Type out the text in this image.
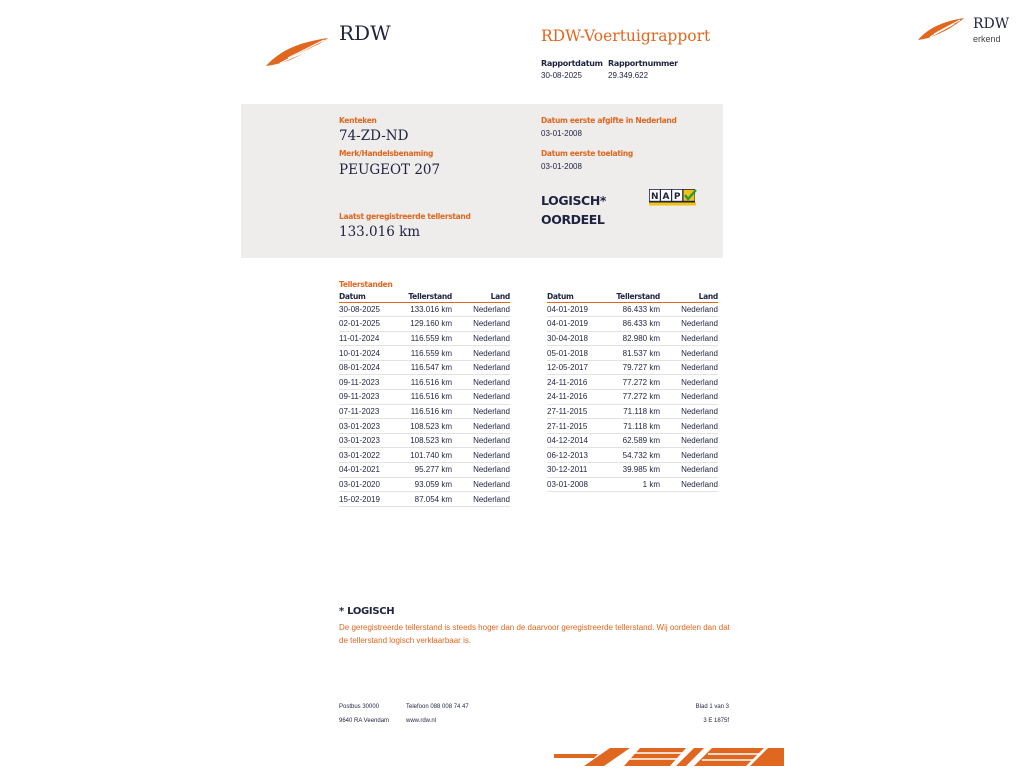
RDW	RDW
erkend
RDW-Voertuigrapport
Rapportdatum
30-08-2025
Rapportnummer
29.349.622
Kenteken
74-ZD-ND
Merk/Handelsbenaming
PEUGEOT 207
Laatst geregistreerde tellerstand
133.016 km
Datum eerste afgifte in Nederland
03-01-2008
Datum eerste toelating
03-01-2008
LOGISCH*
OORDEEL
N A P
Tellerstanden
Datum	Tellerstand	Land
30-08-2025	133.016 km	Nederland
02-01-2025	129.160 km	Nederland
11-01-2024	116.559 km	Nederland
10-01-2024	116.559 km	Nederland
08-01-2024	116.547 km	Nederland
09-11-2023	116.516 km	Nederland
09-11-2023	116.516 km	Nederland
07-11-2023	116.516 km	Nederland
03-01-2023	108.523 km	Nederland
03-01-2023	108.523 km	Nederland
03-01-2022	101.740 km	Nederland
04-01-2021	95.277 km	Nederland
03-01-2020	93.059 km	Nederland
15-02-2019	87.054 km	Nederland
Datum	Tellerstand	Land
04-01-2019	86.433 km	Nederland
04-01-2019	86.433 km	Nederland
30-04-2018	82.980 km	Nederland
05-01-2018	81.537 km	Nederland
12-05-2017	79.727 km	Nederland
24-11-2016	77.272 km	Nederland
24-11-2016	77.272 km	Nederland
27-11-2015	71.118 km	Nederland
27-11-2015	71.118 km	Nederland
04-12-2014	62.589 km	Nederland
06-12-2013	54.732 km	Nederland
30-12-2011	39.985 km	Nederland
03-01-2008	1 km	Nederland
* LOGISCH
De geregistreerde tellerstand is steeds hoger dan de daarvoor geregistreerde tellerstand. Wij oordelen dan dat de tellerstand logisch verklaarbaar is.
Postbus 30000
9640 RA Veendam
Telefoon 088 008 74 47
www.rdw.nl
Blad 1 van 3
3 E 1875f
